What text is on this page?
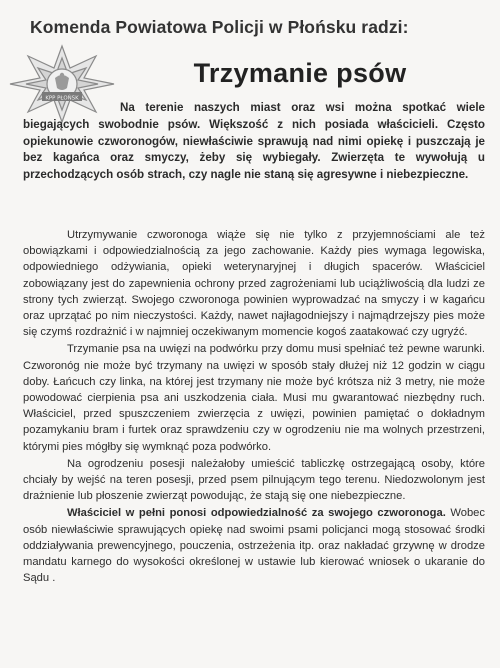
Komenda Powiatowa Policji w Płońsku radzi:
KPP PŁOŃSK
Trzymanie psów
Na terenie naszych miast oraz wsi można spotkać wiele biegających swobodnie psów. Większość z nich posiada właścicieli. Często opiekunowie czworonogów, niewłaściwie sprawują nad nimi opiekę i puszczają je bez kagańca oraz smyczy, żeby się wybiegały. Zwierzęta te wywołują u przechodzących osób strach, czy nagle nie staną się agresywne i niebezpieczne.

Utrzymywanie czworonoga wiąże się nie tylko z przyjemnościami ale też obowiązkami i odpowiedzialnością za jego zachowanie. Każdy pies wymaga legowiska, odpowiedniego odżywiania, opieki weterynaryjnej i długich spacerów. Właściciel zobowiązany jest do zapewnienia ochrony przed zagrożeniami lub uciążliwością dla ludzi ze strony tych zwierząt. Swojego czworonoga powinien wyprowadzać na smyczy i w kagańcu oraz uprzątać po nim nieczystości. Każdy, nawet najłagodniejszy i najmądrzejszy pies może się czymś rozdrażnić i w najmniej oczekiwanym momencie kogoś zaatakować czy ugryźć.

Trzymanie psa na uwięzi na podwórku przy domu musi spełniać też pewne warunki. Czworonóg nie może być trzymany na uwięzi w sposób stały dłużej niż 12 godzin w ciągu doby. Łańcuch czy linka, na której jest trzymany nie może być krótsza niż 3 metry, nie może powodować cierpienia psa ani uszkodzenia ciała. Musi mu gwarantować niezbędny ruch. Właściciel, przed spuszczeniem zwierzęcia z uwięzi, powinien pamiętać o dokładnym pozamykaniu bram i furtek oraz sprawdzeniu czy w ogrodzeniu nie ma wolnych przestrzeni, którymi pies mógłby się wymknąć poza podwórko.

Na ogrodzeniu posesji należałoby umieścić tabliczkę ostrzegającą osoby, które chciały by wejść na teren posesji, przed psem pilnującym tego terenu. Niedozwolonym jest drażnienie lub płoszenie zwierząt powodując, że stają się one niebezpieczne.

Właściciel w pełni ponosi odpowiedzialność za swojego czworonoga. Wobec osób niewłaściwie sprawujących opiekę nad swoimi psami policjanci mogą stosować środki oddziaływania prewencyjnego, pouczenia, ostrzeżenia itp. oraz nakładać grzywnę w drodze mandatu karnego do wysokości określonej w ustawie lub kierować wniosek o ukaranie do Sądu .
